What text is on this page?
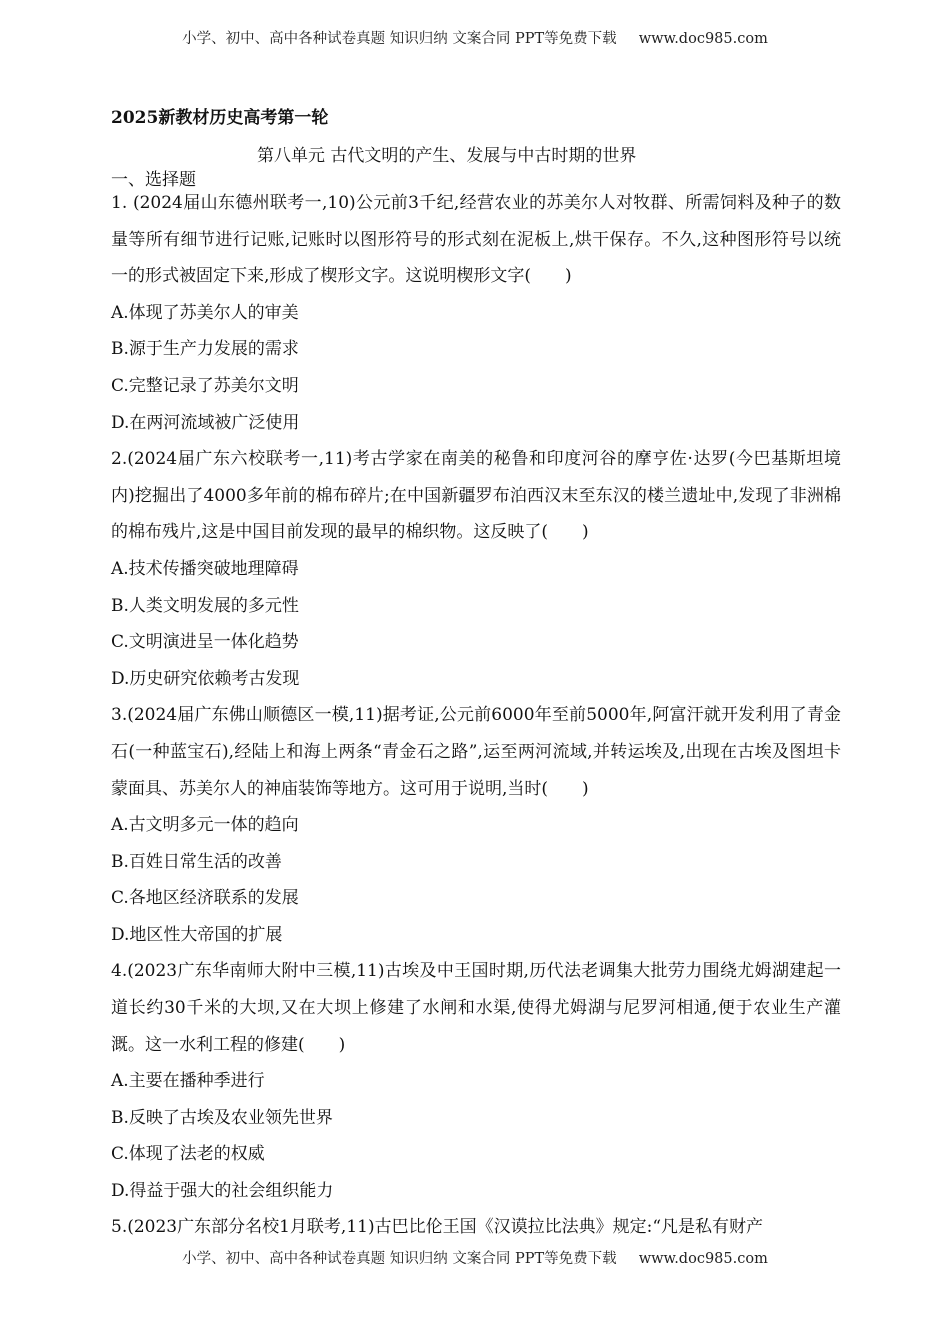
小学、初中、高中各种试卷真题 知识归纳 文案合同 PPT等免费下载 www.doc985.com
2025新教材历史高考第一轮
第八单元 古代文明的产生、发展与中古时期的世界
一、选择题

1. (2024届山东德州联考一,10)公元前3千纪,经营农业的苏美尔人对牧群、所需饲料及种子的数量等所有细节进行记账,记账时以图形符号的形式刻在泥板上,烘干保存。不久,这种图形符号以统一的形式被固定下来,形成了楔形文字。这说明楔形文字(　　)

A.体现了苏美尔人的审美

B.源于生产力发展的需求

C.完整记录了苏美尔文明

D.在两河流域被广泛使用

2.(2024届广东六校联考一,11)考古学家在南美的秘鲁和印度河谷的摩亨佐·达罗(今巴基斯坦境内)挖掘出了4000多年前的棉布碎片;在中国新疆罗布泊西汉末至东汉的楼兰遗址中,发现了非洲棉的棉布残片,这是中国目前发现的最早的棉织物。这反映了(　　)

A.技术传播突破地理障碍

B.人类文明发展的多元性

C.文明演进呈一体化趋势

D.历史研究依赖考古发现

3.(2024届广东佛山顺德区一模,11)据考证,公元前6000年至前5000年,阿富汗就开发利用了青金石(一种蓝宝石),经陆上和海上两条“青金石之路”,运至两河流域,并转运埃及,出现在古埃及图坦卡蒙面具、苏美尔人的神庙装饰等地方。这可用于说明,当时(　　)

A.古文明多元一体的趋向

B.百姓日常生活的改善

C.各地区经济联系的发展

D.地区性大帝国的扩展

4.(2023广东华南师大附中三模,11)古埃及中王国时期,历代法老调集大批劳力围绕尤姆湖建起一道长约30千米的大坝,又在大坝上修建了水闸和水渠,使得尤姆湖与尼罗河相通,便于农业生产灌溉。这一水利工程的修建(　　)

A.主要在播种季进行

B.反映了古埃及农业领先世界

C.体现了法老的权威

D.得益于强大的社会组织能力

5.(2023广东部分名校1月联考,11)古巴比伦王国《汉谟拉比法典》规定:“凡是私有财产
小学、初中、高中各种试卷真题 知识归纳 文案合同 PPT等免费下载 www.doc985.com
